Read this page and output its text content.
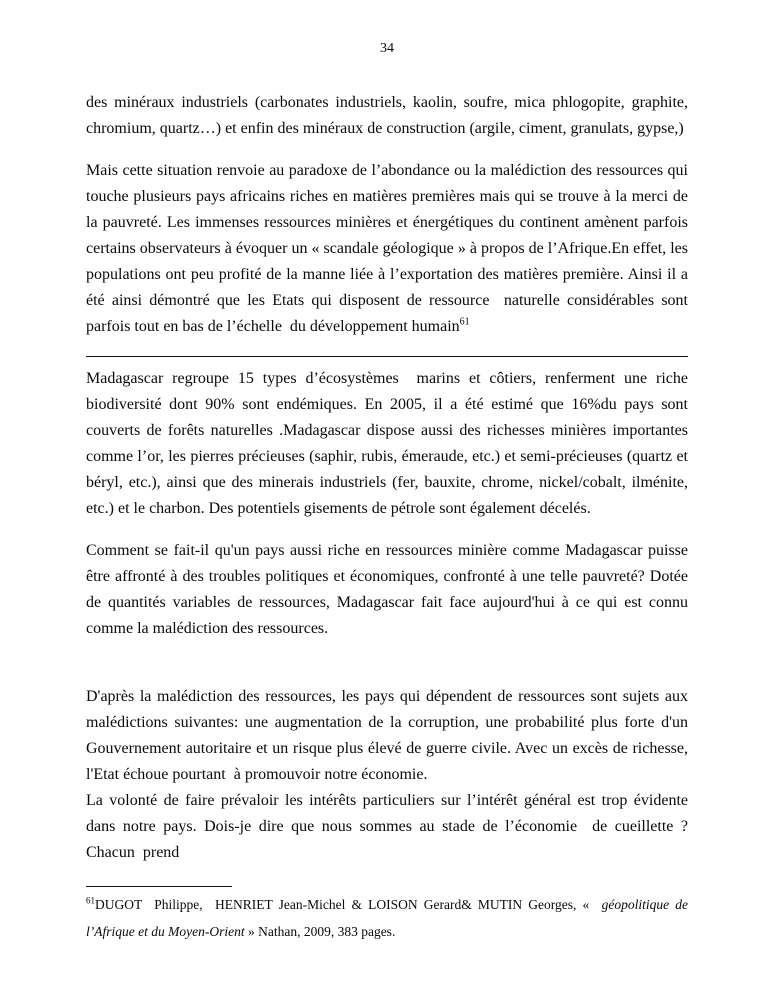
34

des minéraux industriels (carbonates industriels, kaolin, soufre, mica phlogopite, graphite, chromium, quartz…) et enfin des minéraux de construction (argile, ciment, granulats, gypse,)

Mais cette situation renvoie au paradoxe de l’abondance ou la malédiction des ressources qui touche plusieurs pays africains riches en matières premières mais qui se trouve à la merci de la pauvreté. Les immenses ressources minières et énergétiques du continent amènent parfois certains observateurs à évoquer un « scandale géologique » à propos de l’Afrique.En effet, les populations ont peu profité de la manne liée à l’exportation des matières première. Ainsi il a été ainsi démontré que les Etats qui disposent de ressource  naturelle considérables sont parfois tout en bas de l’échelle  du développement humain$^{61}$

Madagascar regroupe 15 types d’écosystèmes  marins et côtiers, renferment une riche biodiversité dont 90% sont endémiques. En 2005, il a été estimé que 16%du pays sont couverts de forêts naturelles .Madagascar dispose aussi des richesses minières importantes comme l’or, les pierres précieuses (saphir, rubis, émeraude, etc.) et semi-précieuses (quartz et béryl, etc.), ainsi que des minerais industriels (fer, bauxite, chrome, nickel/cobalt, ilménite, etc.) et le charbon. Des potentiels gisements de pétrole sont également décelés.

Comment se fait-il qu'un pays aussi riche en ressources minière comme Madagascar puisse être affronté à des troubles politiques et économiques, confronté à une telle pauvreté? Dotée de quantités variables de ressources, Madagascar fait face aujourd'hui à ce qui est connu comme la malédiction des ressources.

D'après la malédiction des ressources, les pays qui dépendent de ressources sont sujets aux malédictions suivantes: une augmentation de la corruption, une probabilité plus forte d'un Gouvernement autoritaire et un risque plus élevé de guerre civile. Avec un excès de richesse, l'Etat échoue pourtant  à promouvoir notre économie.

La volonté de faire prévaloir les intérêts particuliers sur l’intérêt général est trop évidente dans notre pays. Dois-je dire que nous sommes au stade de l’économie  de cueillette ? Chacun  prend

$^{61}$DUGOT  Philippe,  HENRIET Jean-Michel & LOISON Gerard& MUTIN Georges, «  géopolitique de l’Afrique et du Moyen-Orient » Nathan, 2009, 383 pages.
